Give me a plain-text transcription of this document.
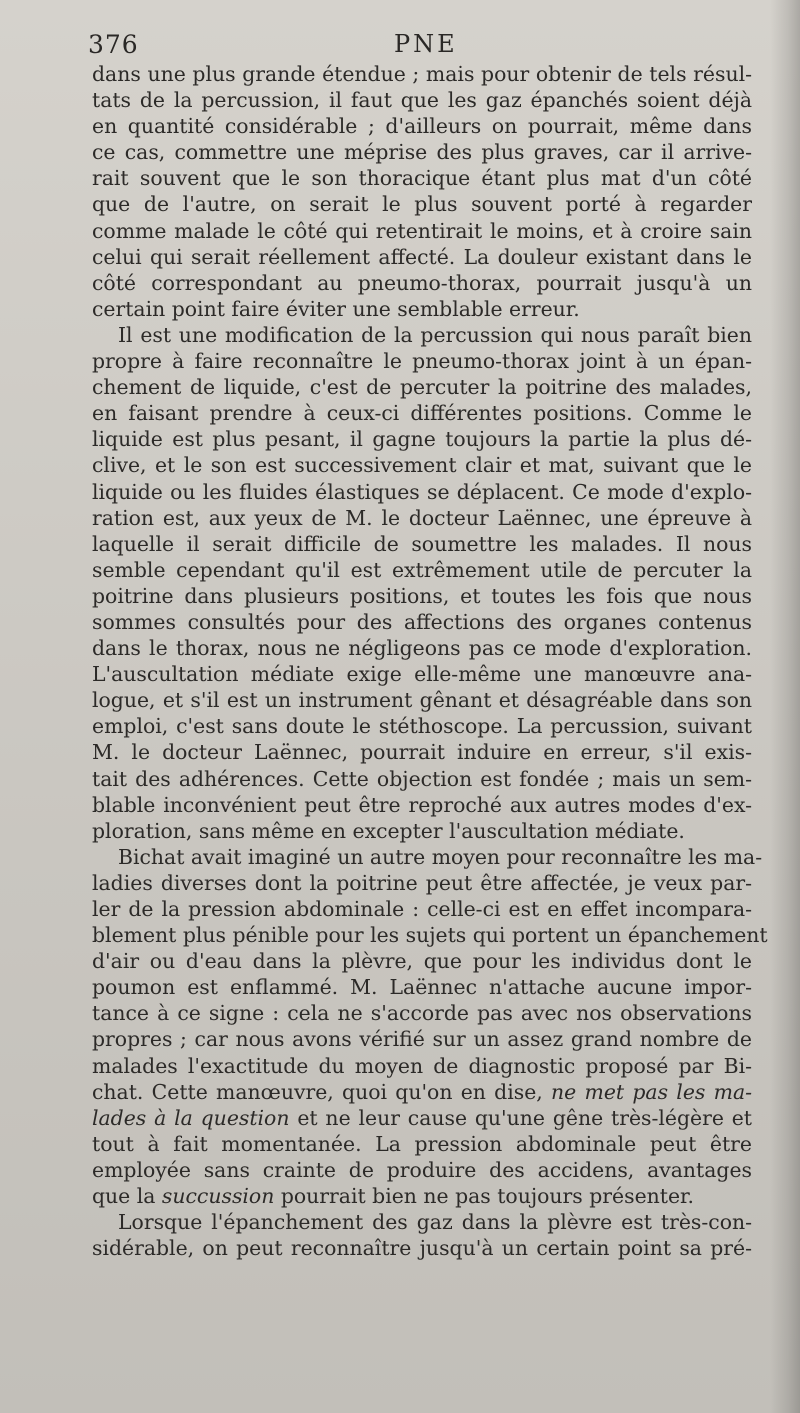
376	PNE
dans une plus grande étendue ; mais pour obtenir de tels résul-
tats de la percussion, il faut que les gaz épanchés soient déjà
en quantité considérable ; d'ailleurs on pourrait, même dans
ce cas, commettre une méprise des plus graves, car il arrive-
rait souvent que le son thoracique étant plus mat d'un côté
que de l'autre, on serait le plus souvent porté à regarder
comme malade le côté qui retentirait le moins, et à croire sain
celui qui serait réellement affecté. La douleur existant dans le
côté correspondant au pneumo-thorax, pourrait jusqu'à un
certain point faire éviter une semblable erreur.
Il est une modification de la percussion qui nous paraît bien
propre à faire reconnaître le pneumo-thorax joint à un épan-
chement de liquide, c'est de percuter la poitrine des malades,
en faisant prendre à ceux-ci différentes positions. Comme le
liquide est plus pesant, il gagne toujours la partie la plus dé-
clive, et le son est successivement clair et mat, suivant que le
liquide ou les fluides élastiques se déplacent. Ce mode d'explo-
ration est, aux yeux de M. le docteur Laënnec, une épreuve à
laquelle il serait difficile de soumettre les malades. Il nous
semble cependant qu'il est extrêmement utile de percuter la
poitrine dans plusieurs positions, et toutes les fois que nous
sommes consultés pour des affections des organes contenus
dans le thorax, nous ne négligeons pas ce mode d'exploration.
L'auscultation médiate exige elle-même une manœuvre ana-
logue, et s'il est un instrument gênant et désagréable dans son
emploi, c'est sans doute le stéthoscope. La percussion, suivant
M. le docteur Laënnec, pourrait induire en erreur, s'il exis-
tait des adhérences. Cette objection est fondée ; mais un sem-
blable inconvénient peut être reproché aux autres modes d'ex-
ploration, sans même en excepter l'auscultation médiate.
Bichat avait imaginé un autre moyen pour reconnaître les ma-
ladies diverses dont la poitrine peut être affectée, je veux par-
ler de la pression abdominale : celle-ci est en effet incompara-
blement plus pénible pour les sujets qui portent un épanchement
d'air ou d'eau dans la plèvre, que pour les individus dont le
poumon est enflammé. M. Laënnec n'attache aucune impor-
tance à ce signe : cela ne s'accorde pas avec nos observations
propres ; car nous avons vérifié sur un assez grand nombre de
malades l'exactitude du moyen de diagnostic proposé par Bi-
chat. Cette manœuvre, quoi qu'on en dise, ne met pas les ma-
lades à la question et ne leur cause qu'une gêne très-légère et
tout à fait momentanée. La pression abdominale peut être
employée sans crainte de produire des accidens, avantages
que la succussion pourrait bien ne pas toujours présenter.
Lorsque l'épanchement des gaz dans la plèvre est très-con-
sidérable, on peut reconnaître jusqu'à un certain point sa pré-
